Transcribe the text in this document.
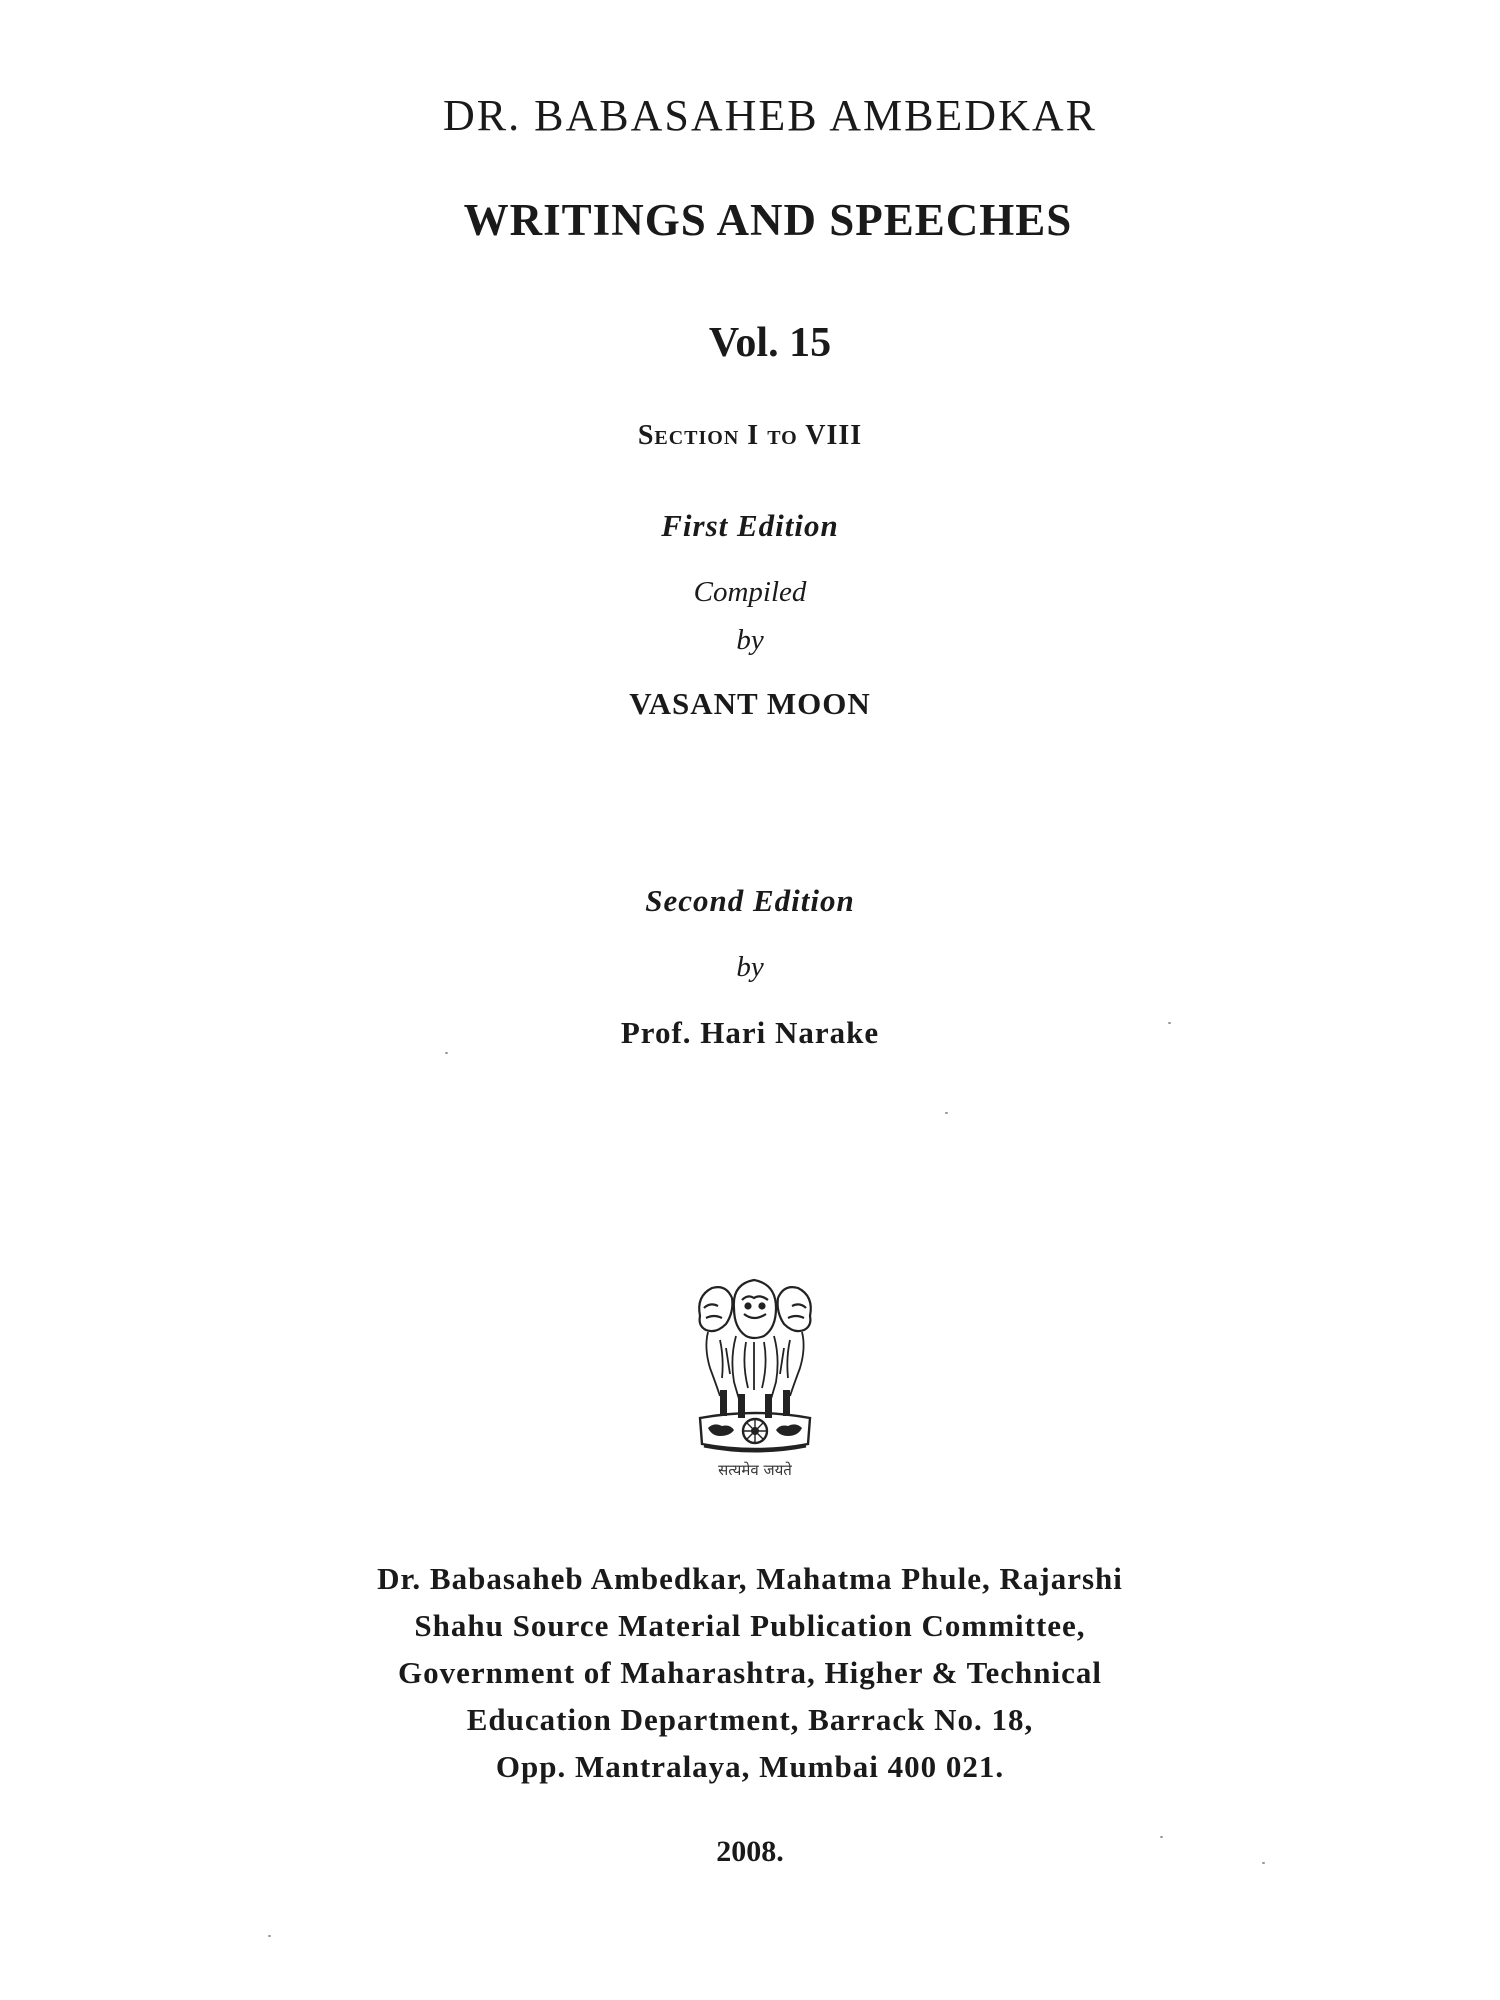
DR. BABASAHEB AMBEDKAR
WRITINGS AND SPEECHES
Vol. 15
Section I to VIII
First Edition
Compiled
by
VASANT MOON
Second Edition
by
Prof. Hari Narake
सत्यमेव जयते
Dr. Babasaheb Ambedkar, Mahatma Phule, Rajarshi
Shahu Source Material Publication Committee,
Government of Maharashtra, Higher & Technical
Education Department, Barrack No. 18,
Opp. Mantralaya, Mumbai 400 021.
2008.
